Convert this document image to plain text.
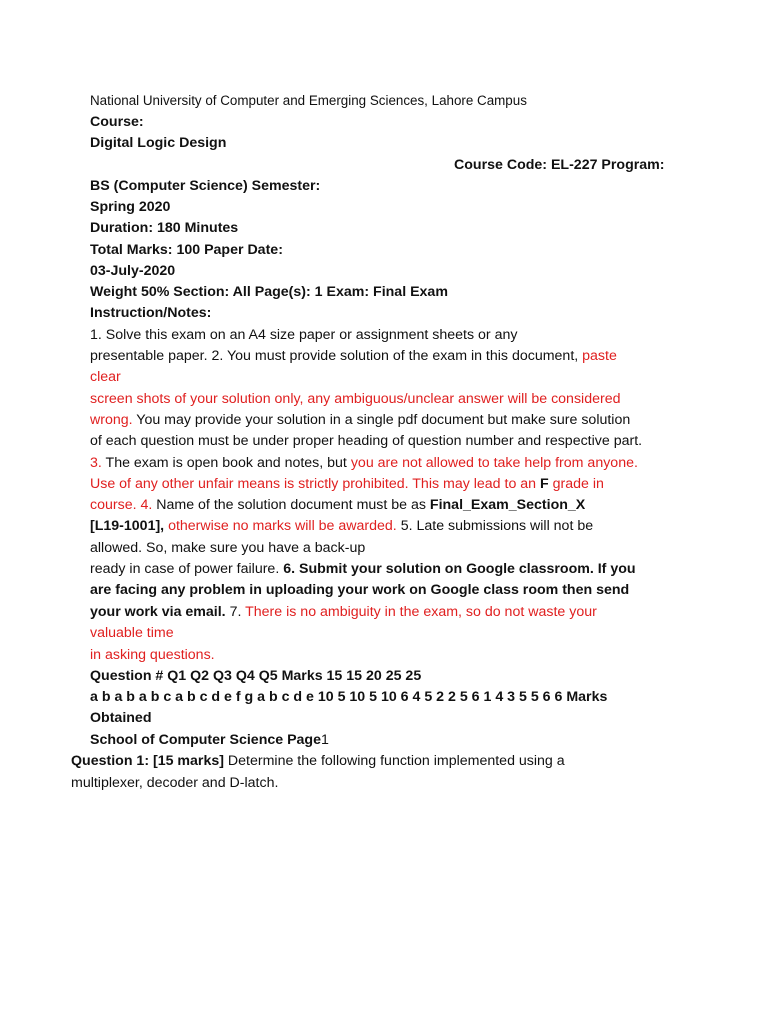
National University of Computer and Emerging Sciences, Lahore Campus
Course:
Digital Logic Design
Course Code: EL-227 Program:
BS (Computer Science) Semester:
Spring 2020
Duration: 180 Minutes
Total Marks: 100 Paper Date:
03-July-2020
Weight 50% Section: All Page(s): 1 Exam: Final Exam
Instruction/Notes:
1. Solve this exam on an A4 size paper or assignment sheets or any
presentable paper. 2. You must provide solution of the exam in this document, paste
clear
screen shots of your solution only, any ambiguous/unclear answer will be considered
wrong. You may provide your solution in a single pdf document but make sure solution
of each question must be under proper heading of question number and respective part.
3. The exam is open book and notes, but you are not allowed to take help from anyone.
Use of any other unfair means is strictly prohibited. This may lead to an F grade in
course. 4. Name of the solution document must be as Final_Exam_Section_X
[L19-1001], otherwise no marks will be awarded. 5. Late submissions will not be
allowed. So, make sure you have a back-up
ready in case of power failure. 6. Submit your solution on Google classroom. If you
are facing any problem in uploading your work on Google class room then send
your work via email. 7. There is no ambiguity in the exam, so do not waste your
valuable time
in asking questions.
Question # Q1 Q2 Q3 Q4 Q5 Marks 15 15 20 25 25
a b a b a b c a b c d e f g a b c d e 10 5 10 5 10 6 4 5 2 2 5 6 1 4 3 5 5 6 6 Marks
Obtained
School of Computer Science Page1
Question 1: [15 marks] Determine the following function implemented using a
multiplexer, decoder and D-latch.
